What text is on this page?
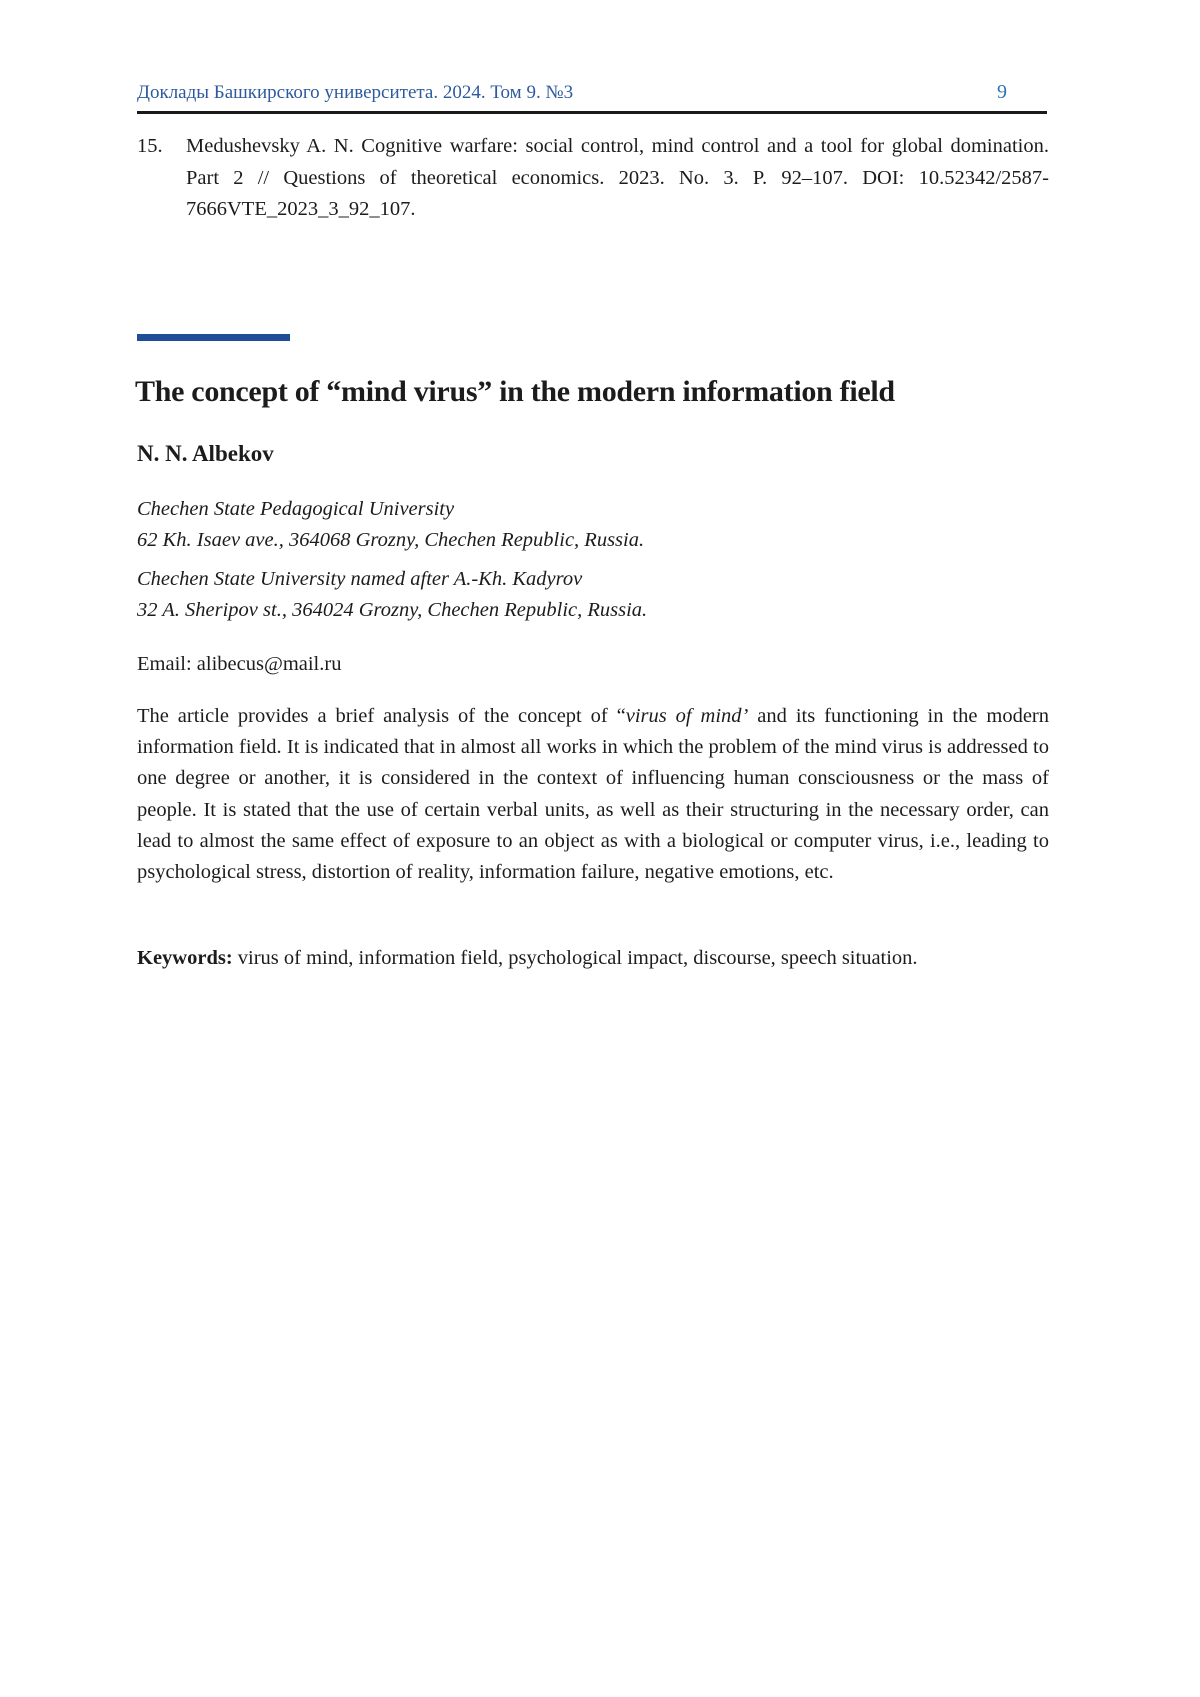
Доклады Башкирского университета. 2024. Том 9. №3	9
15.	Medushevsky A. N. Cognitive warfare: social control, mind control and a tool for global domination. Part 2 // Questions of theoretical economics. 2023. No. 3. P. 92–107. DOI: 10.52342/2587-7666VTE_2023_3_92_107.
The concept of “mind virus” in the modern information field
N. N. Albekov
Chechen State Pedagogical University
62 Kh. Isaev ave., 364068 Grozny, Chechen Republic, Russia.
Chechen State University named after A.-Kh. Kadyrov
32 A. Sheripov st., 364024 Grozny, Chechen Republic, Russia.
Email: alibecus@mail.ru

The article provides a brief analysis of the concept of “virus of mind’ and its functioning in the modern information field. It is indicated that in almost all works in which the problem of the mind virus is addressed to one degree or another, it is considered in the context of influencing human consciousness or the mass of people. It is stated that the use of certain verbal units, as well as their structuring in the necessary order, can lead to almost the same effect of exposure to an object as with a biological or computer virus, i.e., leading to psychological stress, distortion of reality, information failure, negative emotions, etc.

Keywords: virus of mind, information field, psychological impact, discourse, speech situation.
